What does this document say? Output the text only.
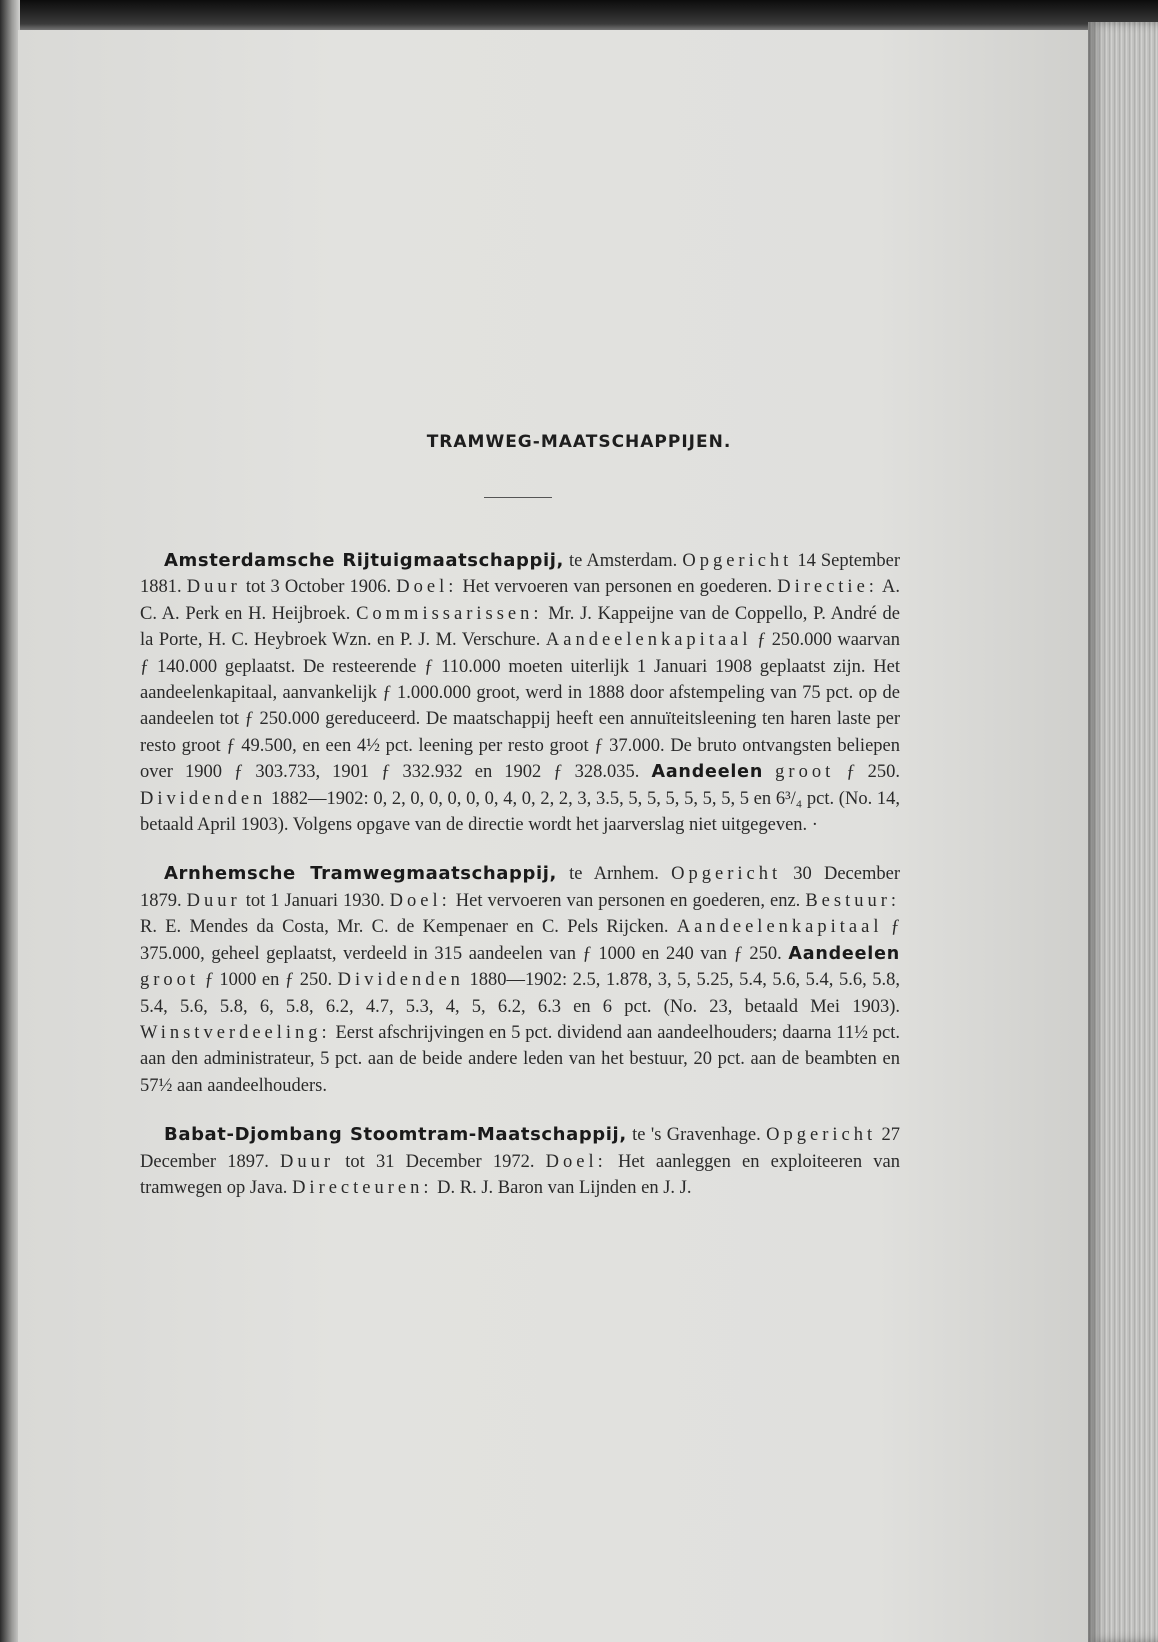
TRAMWEG-MAATSCHAPPIJEN.

Amsterdamsche Rijtuigmaatschappij, te Amsterdam. Opgericht 14 September 1881. Duur tot 3 October 1906. Doel: Het vervoeren van personen en goederen. Directie: A. C. A. Perk en H. Heijbroek. Commissarissen: Mr. J. Kappeijne van de Coppello, P. André de la Porte, H. C. Heybroek Wzn. en P. J. M. Verschure. Aandeelenkapitaal ƒ 250.000 waarvan ƒ 140.000 geplaatst. De resteerende ƒ 110.000 moeten uiterlijk 1 Januari 1908 geplaatst zijn. Het aandeelenkapitaal, aanvankelijk ƒ 1.000.000 groot, werd in 1888 door afstempeling van 75 pct. op de aandeelen tot ƒ 250.000 gereduceerd. De maatschappij heeft een annuïteitsleening ten haren laste per resto groot ƒ 49.500, en een 4½ pct. leening per resto groot ƒ 37.000. De bruto ontvangsten beliepen over 1900 ƒ 303.733, 1901 ƒ 332.932 en 1902 ƒ 328.035. Aandeelen groot ƒ 250. Dividenden 1882—1902: 0, 2, 0, 0, 0, 0, 0, 4, 0, 2, 2, 3, 3.5, 5, 5, 5, 5, 5, 5, 5 en 6³/₄ pct. (No. 14, betaald April 1903). Volgens opgave van de directie wordt het jaarverslag niet uitgegeven. ·

Arnhemsche Tramwegmaatschappij, te Arnhem. Opgericht 30 December 1879. Duur tot 1 Januari 1930. Doel: Het vervoeren van personen en goederen, enz. Bestuur: R. E. Mendes da Costa, Mr. C. de Kempenaer en C. Pels Rijcken. Aandeelenkapitaal ƒ 375.000, geheel geplaatst, verdeeld in 315 aandeelen van ƒ 1000 en 240 van ƒ 250. Aandeelen groot ƒ 1000 en ƒ 250. Dividenden 1880—1902: 2.5, 1.878, 3, 5, 5.25, 5.4, 5.6, 5.4, 5.6, 5.8, 5.4, 5.6, 5.8, 6, 5.8, 6.2, 4.7, 5.3, 4, 5, 6.2, 6.3 en 6 pct. (No. 23, betaald Mei 1903). Winstverdeeling: Eerst afschrijvingen en 5 pct. dividend aan aandeelhouders; daarna 11½ pct. aan den administrateur, 5 pct. aan de beide andere leden van het bestuur, 20 pct. aan de beambten en 57½ aan aandeelhouders.

Babat-Djombang Stoomtram-Maatschappij, te 's Gravenhage. Opgericht 27 December 1897. Duur tot 31 December 1972. Doel: Het aanleggen en exploiteeren van tramwegen op Java. Directeuren: D. R. J. Baron van Lijnden en J. J.
